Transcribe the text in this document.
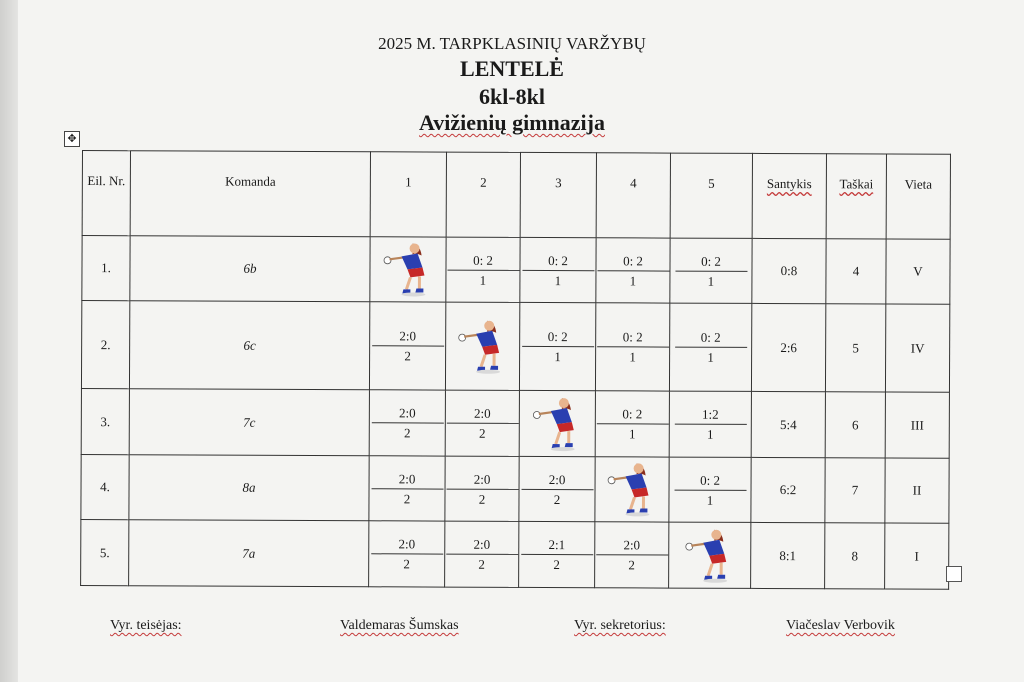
2025 M. TARPKLASINIŲ VARŽYBŲ
LENTELĖ
6kl-8kl
Avižienių gimnazija
✥
Eil. Nr.	Komanda	1	2	3	4	5	Santykis	Taškai	Vieta
1.	6b		$\frac{0: 2}{1}$	$\frac{0: 2}{1}$	$\frac{0: 2}{1}$	$\frac{0: 2}{1}$	0:8	4	V
2.	6c	$\frac{2:0}{2}$		$\frac{0: 2}{1}$	$\frac{0: 2}{1}$	$\frac{0: 2}{1}$	2:6	5	IV
3.	7c	$\frac{2:0}{2}$	$\frac{2:0}{2}$		$\frac{0: 2}{1}$	$\frac{1:2}{1}$	5:4	6	III
4.	8a	$\frac{2:0}{2}$	$\frac{2:0}{2}$	$\frac{2:0}{2}$		$\frac{0: 2}{1}$	6:2	7	II
5.	7a	$\frac{2:0}{2}$	$\frac{2:0}{2}$	$\frac{2:1}{2}$	$\frac{2:0}{2}$		8:1	8	I
Vyr. teisėjas:	Valdemaras Šumskas	Vyr. sekretorius:	Viačeslav Verbovik
